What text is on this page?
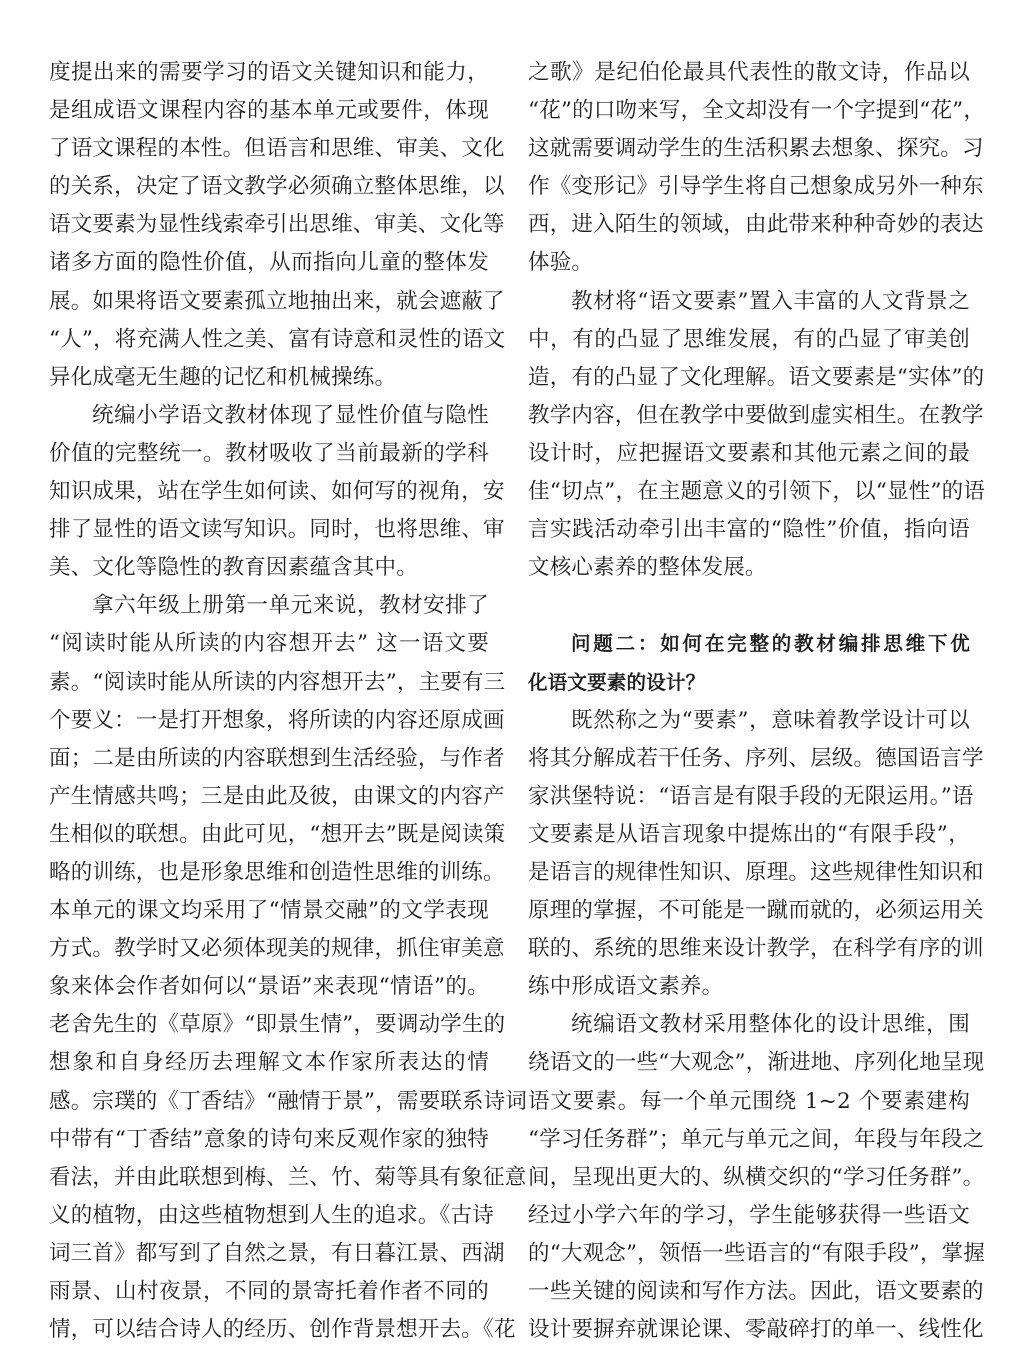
度提出来的需要学习的语文关键知识和能力，
是组成语文课程内容的基本单元或要件，体现
了语文课程的本性。但语言和思维、审美、文化
的关系，决定了语文教学必须确立整体思维，以
语文要素为显性线索牵引出思维、审美、文化等
诸多方面的隐性价值，从而指向儿童的整体发
展。如果将语文要素孤立地抽出来，就会遮蔽了
“人”，将充满人性之美、富有诗意和灵性的语文
异化成毫无生趣的记忆和机械操练。
统编小学语文教材体现了显性价值与隐性
价值的完整统一。教材吸收了当前最新的学科
知识成果，站在学生如何读、如何写的视角，安
排了显性的语文读写知识。同时，也将思维、审
美、文化等隐性的教育因素蕴含其中。
拿六年级上册第一单元来说，教材安排了
“阅读时能从所读的内容想开去” 这一语文要
素。“阅读时能从所读的内容想开去”，主要有三
个要义：一是打开想象，将所读的内容还原成画
面；二是由所读的内容联想到生活经验，与作者
产生情感共鸣；三是由此及彼，由课文的内容产
生相似的联想。由此可见，“想开去”既是阅读策
略的训练，也是形象思维和创造性思维的训练。
本单元的课文均采用了“情景交融”的文学表现
方式。教学时又必须体现美的规律，抓住审美意
象来体会作者如何以“景语”来表现“情语”的。
老舍先生的《草原》“即景生情”，要调动学生的
想象和自身经历去理解文本作家所表达的情
感。宗璞的《丁香结》“融情于景”，需要联系诗词
中带有“丁香结”意象的诗句来反观作家的独特
看法，并由此联想到梅、兰、竹、菊等具有象征意
义的植物，由这些植物想到人生的追求。《古诗
词三首》都写到了自然之景，有日暮江景、西湖
雨景、山村夜景，不同的景寄托着作者不同的
情，可以结合诗人的经历、创作背景想开去。《花
之歌》是纪伯伦最具代表性的散文诗，作品以
“花”的口吻来写，全文却没有一个字提到“花”，
这就需要调动学生的生活积累去想象、探究。习
作《变形记》引导学生将自己想象成另外一种东
西，进入陌生的领域，由此带来种种奇妙的表达
体验。
教材将“语文要素”置入丰富的人文背景之
中，有的凸显了思维发展，有的凸显了审美创
造，有的凸显了文化理解。语文要素是“实体”的
教学内容，但在教学中要做到虚实相生。在教学
设计时，应把握语文要素和其他元素之间的最
佳“切点”，在主题意义的引领下，以“显性”的语
言实践活动牵引出丰富的“隐性”价值，指向语
文核心素养的整体发展。
问题二：如何在完整的教材编排思维下优
化语文要素的设计？
既然称之为“要素”，意味着教学设计可以
将其分解成若干任务、序列、层级。德国语言学
家洪堡特说：“语言是有限手段的无限运用。”语
文要素是从语言现象中提炼出的“有限手段”，
是语言的规律性知识、原理。这些规律性知识和
原理的掌握，不可能是一蹴而就的，必须运用关
联的、系统的思维来设计教学，在科学有序的训
练中形成语文素养。
统编语文教材采用整体化的设计思维，围
绕语文的一些“大观念”，渐进地、序列化地呈现
语文要素。每一个单元围绕 1~2 个要素建构
“学习任务群”；单元与单元之间，年段与年段之
间，呈现出更大的、纵横交织的“学习任务群”。
经过小学六年的学习，学生能够获得一些语文
的“大观念”，领悟一些语言的“有限手段”，掌握
一些关键的阅读和写作方法。因此，语文要素的
设计要摒弃就课论课、零敲碎打的单一、线性化
